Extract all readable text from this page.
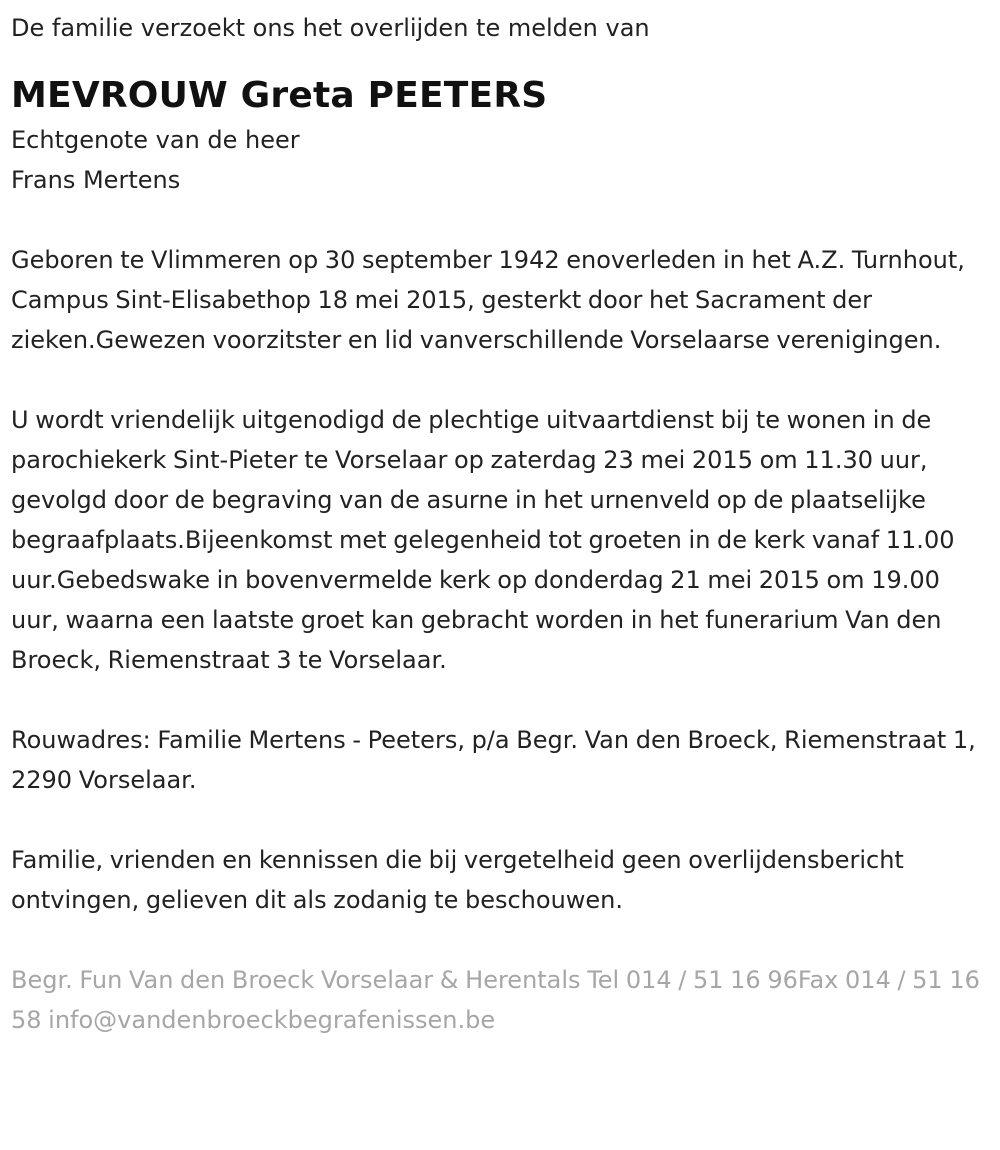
De familie verzoekt ons het overlijden te melden van

MEVROUW Greta PEETERS

Echtgenote van de heer
Frans Mertens

Geboren te Vlimmeren op 30 september 1942 enoverleden in het A.Z. Turnhout, Campus Sint-Elisabethop 18 mei 2015, gesterkt door het Sacrament der zieken.Gewezen voorzitster en lid vanverschillende Vorselaarse verenigingen.

U wordt vriendelijk uitgenodigd de plechtige uitvaartdienst bij te wonen in de parochiekerk Sint-Pieter te Vorselaar op zaterdag 23 mei 2015 om 11.30 uur, gevolgd door de begraving van de asurne in het urnenveld op de plaatselijke begraafplaats.Bijeenkomst met gelegenheid tot groeten in de kerk vanaf 11.00 uur.Gebedswake in bovenvermelde kerk op donderdag 21 mei 2015 om 19.00 uur, waarna een laatste groet kan gebracht worden in het funerarium Van den Broeck, Riemenstraat 3 te Vorselaar.

Rouwadres: Familie Mertens - Peeters, p/a Begr. Van den Broeck, Riemenstraat 1, 2290 Vorselaar.

Familie, vrienden en kennissen die bij vergetelheid geen overlijdensbericht ontvingen, gelieven dit als zodanig te beschouwen.

Begr. Fun Van den Broeck Vorselaar & Herentals Tel 014 / 51 16 96Fax 014 / 51 16 58 info@vandenbroeckbegrafenissen.be
